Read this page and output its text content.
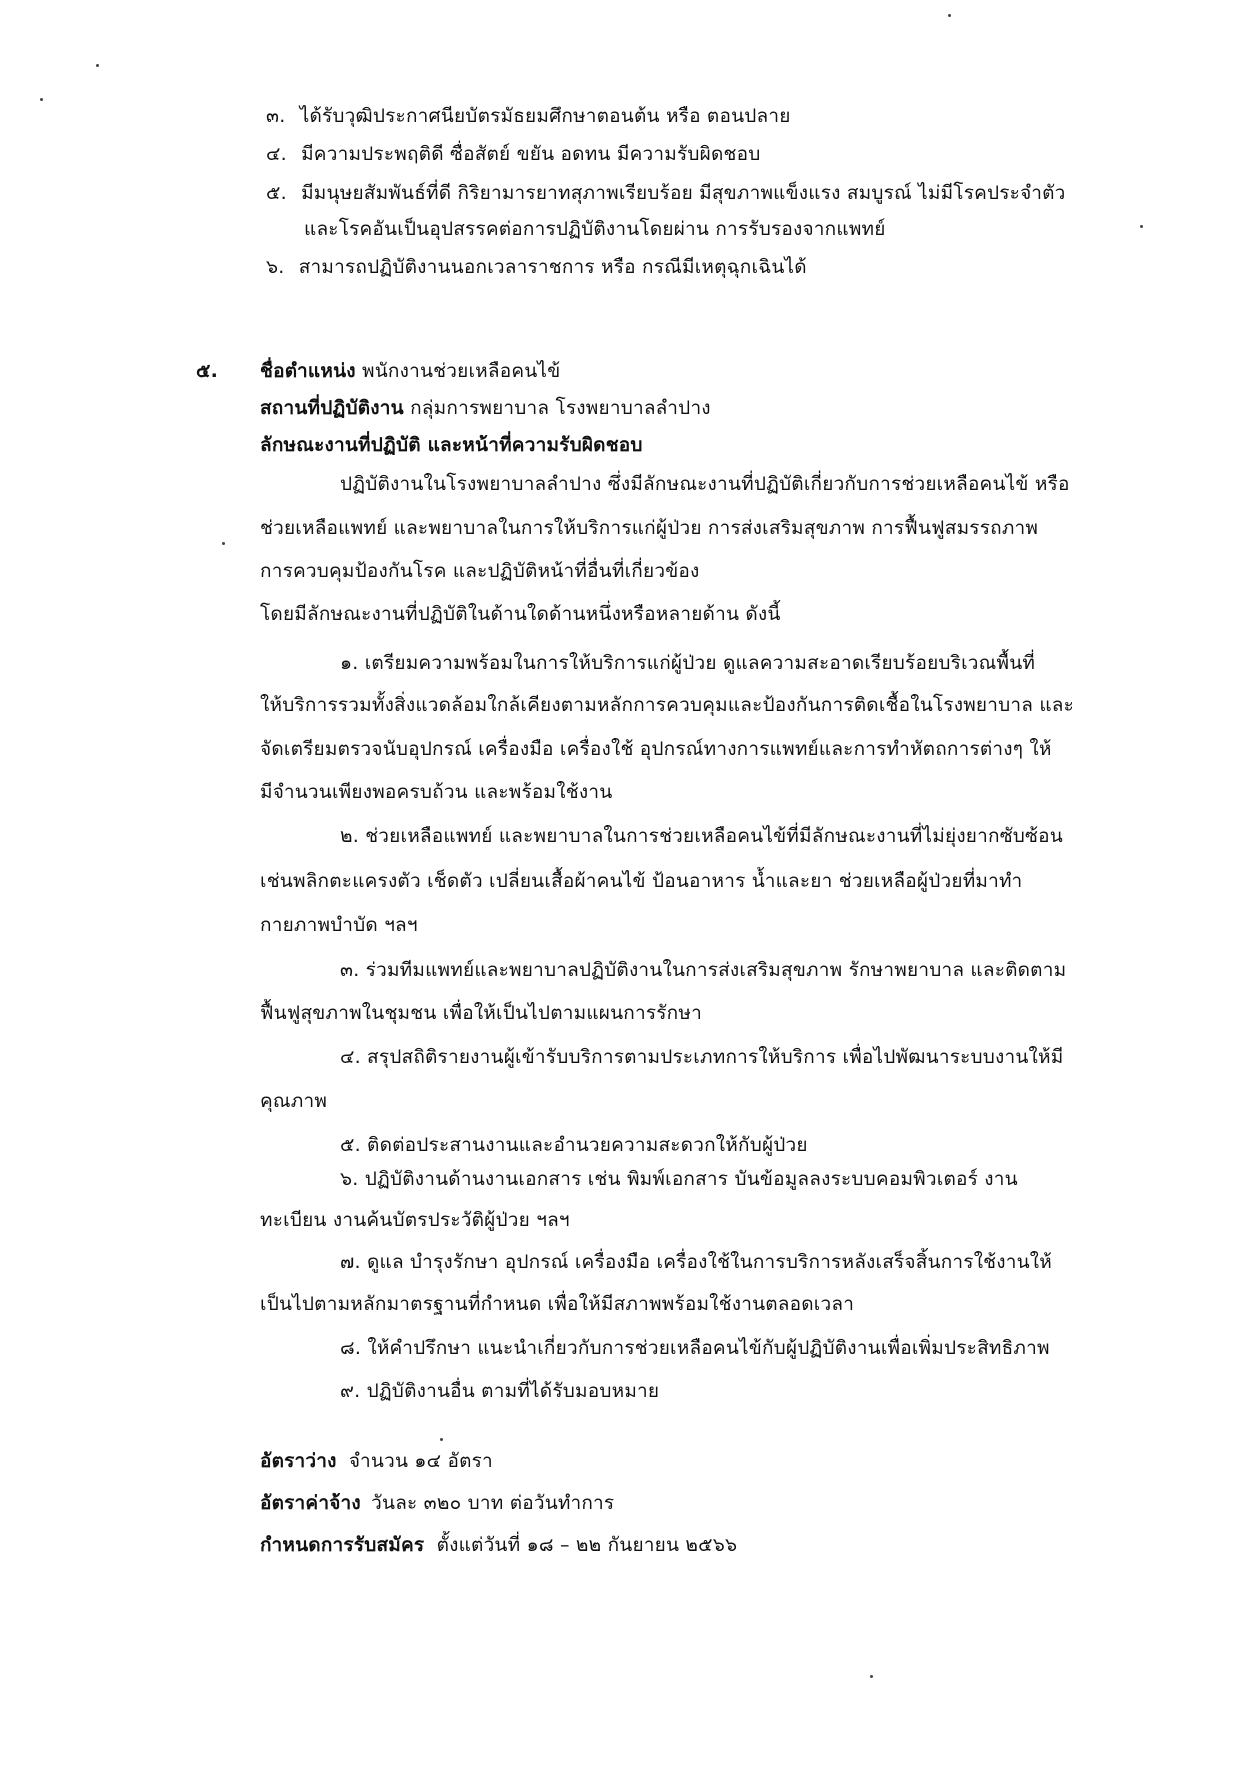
๓. ได้รับวุฒิประกาศนียบัตรมัธยมศึกษาตอนต้น หรือ ตอนปลาย
๔. มีความประพฤติดี ซื่อสัตย์ ขยัน อดทน มีความรับผิดชอบ
๕. มีมนุษยสัมพันธ์ที่ดี กิริยามารยาทสุภาพเรียบร้อย มีสุขภาพแข็งแรง สมบูรณ์ ไม่มีโรคประจำตัว
และโรคอันเป็นอุปสรรคต่อการปฏิบัติงานโดยผ่าน การรับรองจากแพทย์
๖. สามารถปฏิบัติงานนอกเวลาราชการ หรือ กรณีมีเหตุฉุกเฉินได้
๕. ชื่อตำแหน่ง พนักงานช่วยเหลือคนไข้
สถานที่ปฏิบัติงาน กลุ่มการพยาบาล โรงพยาบาลลำปาง
ลักษณะงานที่ปฏิบัติ และหน้าที่ความรับผิดชอบ
ปฏิบัติงานในโรงพยาบาลลำปาง ซึ่งมีลักษณะงานที่ปฏิบัติเกี่ยวกับการช่วยเหลือคนไข้ หรือ
ช่วยเหลือแพทย์ และพยาบาลในการให้บริการแก่ผู้ป่วย การส่งเสริมสุขภาพ การฟื้นฟูสมรรถภาพ
การควบคุมป้องกันโรค และปฏิบัติหน้าที่อื่นที่เกี่ยวข้อง
โดยมีลักษณะงานที่ปฏิบัติในด้านใดด้านหนึ่งหรือหลายด้าน ดังนี้
๑. เตรียมความพร้อมในการให้บริการแก่ผู้ป่วย ดูแลความสะอาดเรียบร้อยบริเวณพื้นที่
ให้บริการรวมทั้งสิ่งแวดล้อมใกล้เคียงตามหลักการควบคุมและป้องกันการติดเชื้อในโรงพยาบาล และ
จัดเตรียมตรวจนับอุปกรณ์ เครื่องมือ เครื่องใช้ อุปกรณ์ทางการแพทย์และการทำหัตถการต่างๆ ให้
มีจำนวนเพียงพอครบถ้วน และพร้อมใช้งาน
๒. ช่วยเหลือแพทย์ และพยาบาลในการช่วยเหลือคนไข้ที่มีลักษณะงานที่ไม่ยุ่งยากซับซ้อน
เช่นพลิกตะแครงตัว เช็ดตัว เปลี่ยนเสื้อผ้าคนไข้ ป้อนอาหาร น้ำและยา ช่วยเหลือผู้ป่วยที่มาทำ
กายภาพบำบัด ฯลฯ
๓. ร่วมทีมแพทย์และพยาบาลปฏิบัติงานในการส่งเสริมสุขภาพ รักษาพยาบาล และติดตาม
ฟื้นฟูสุขภาพในชุมชน เพื่อให้เป็นไปตามแผนการรักษา
๔. สรุปสถิติรายงานผู้เข้ารับบริการตามประเภทการให้บริการ เพื่อไปพัฒนาระบบงานให้มี
คุณภาพ
๕. ติดต่อประสานงานและอำนวยความสะดวกให้กับผู้ป่วย
๖. ปฏิบัติงานด้านงานเอกสาร เช่น พิมพ์เอกสาร บันข้อมูลลงระบบคอมพิวเตอร์ งาน
ทะเบียน งานค้นบัตรประวัติผู้ป่วย ฯลฯ
๗. ดูแล บำรุงรักษา อุปกรณ์ เครื่องมือ เครื่องใช้ในการบริการหลังเสร็จสิ้นการใช้งานให้
เป็นไปตามหลักมาตรฐานที่กำหนด เพื่อให้มีสภาพพร้อมใช้งานตลอดเวลา
๘. ให้คำปรึกษา แนะนำเกี่ยวกับการช่วยเหลือคนไข้กับผู้ปฏิบัติงานเพื่อเพิ่มประสิทธิภาพ
๙. ปฏิบัติงานอื่น ตามที่ได้รับมอบหมาย
อัตราว่าง จำนวน ๑๔ อัตรา
อัตราค่าจ้าง วันละ ๓๒๐ บาท ต่อวันทำการ
กำหนดการรับสมัคร ตั้งแต่วันที่ ๑๘ – ๒๒ กันยายน ๒๕๖๖
